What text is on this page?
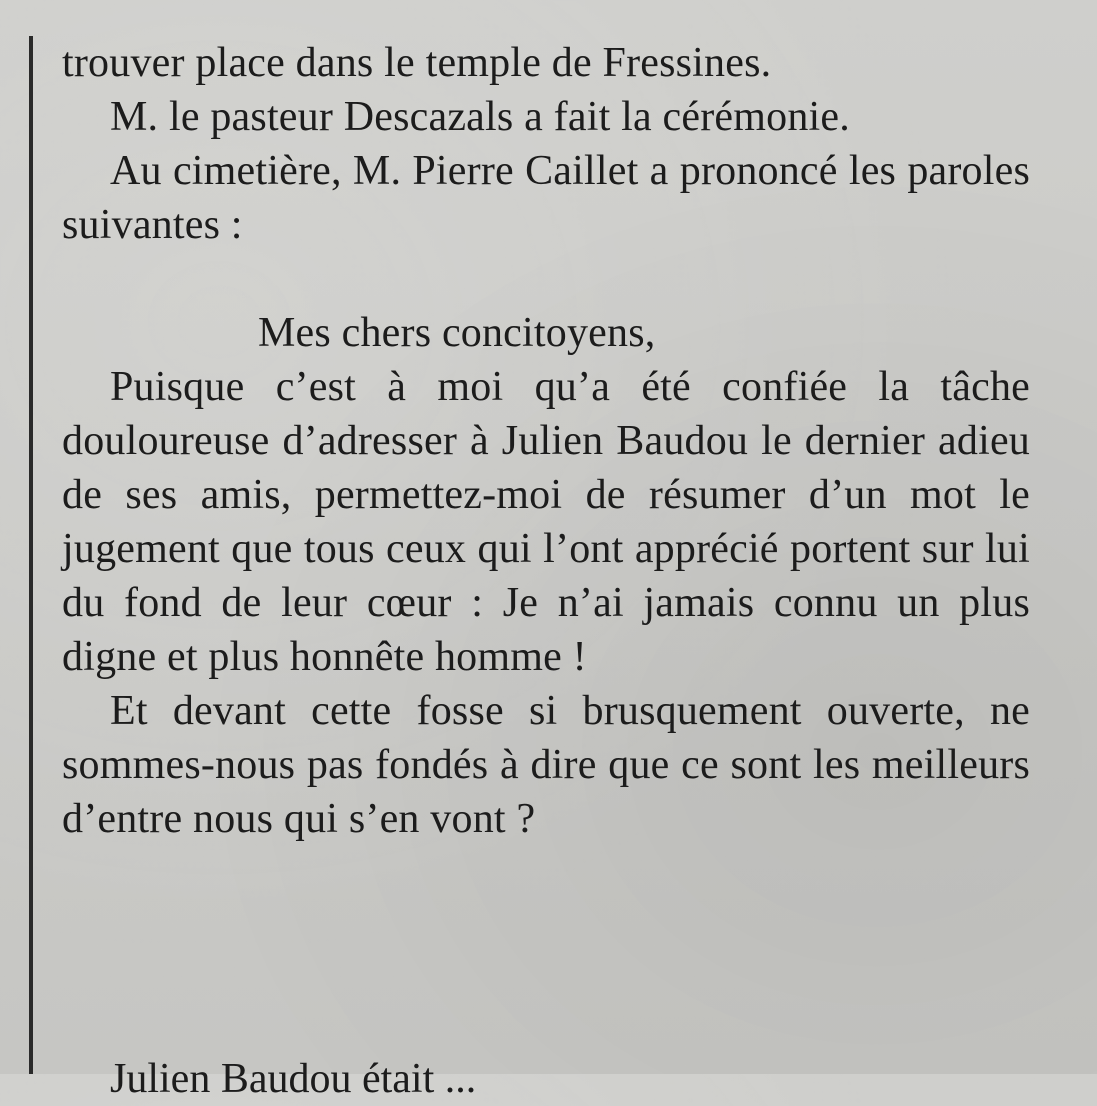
trouver place dans le temple de Fressines.

M. le pasteur Descazals a fait la cérémonie.

Au cimetière, M. Pierre Caillet a prononcé les paroles suivantes :

Mes chers concitoyens,

Puisque c’est à moi qu’a été confiée la tâche douloureuse d’adresser à Julien Baudou le dernier adieu de ses amis, permettez-moi de résumer d’un mot le jugement que tous ceux qui l’ont apprécié portent sur lui du fond de leur cœur : Je n’ai jamais connu un plus digne et plus honnête homme !

Et devant cette fosse si brusquement ouverte, ne sommes-nous pas fondés à dire que ce sont les meilleurs d’entre nous qui s’en vont ?

Julien Baudou était ...
